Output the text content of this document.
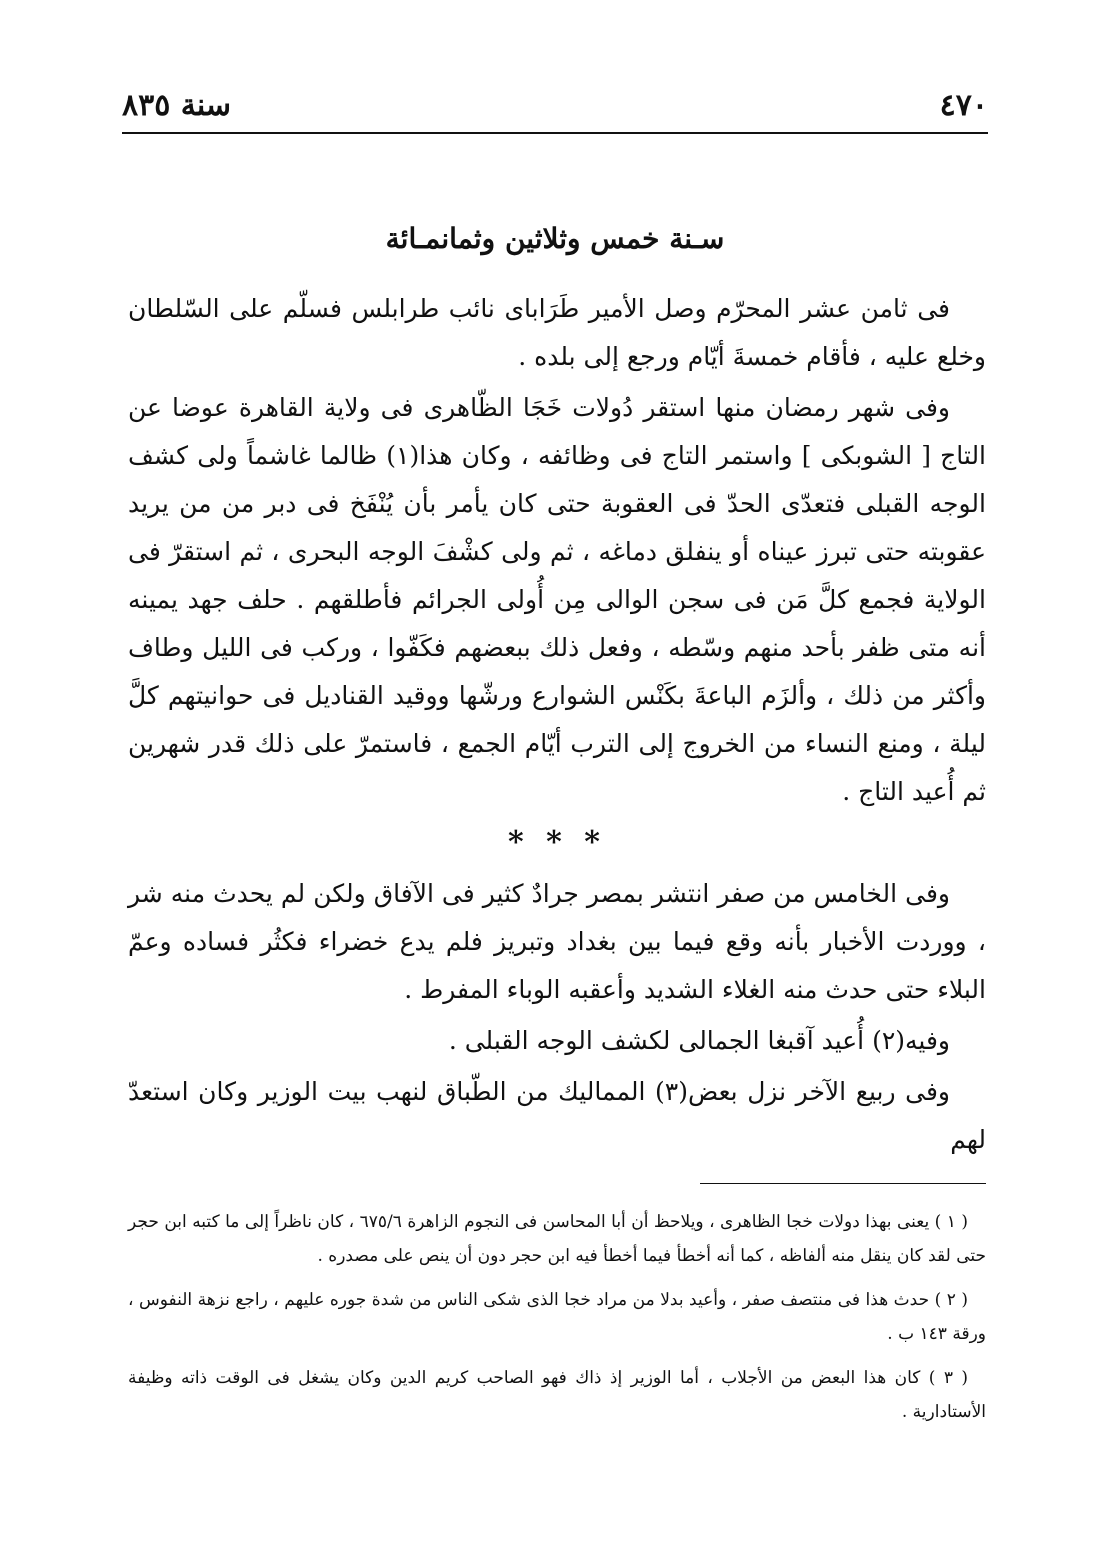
٤٧٠
سنة ٨٣٥
سـنة خمس وثلاثين وثمانمـائة

فى ثامن عشر المحرّم وصل الأمير طَرَاباى نائب طرابلس فسلّم على السّلطان وخلع عليه ، فأقام خمسةَ أيّام ورجع إلى بلده .

وفى شهر رمضان منها استقر دُولات خَجَا الظّاهرى فى ولاية القاهرة عوضا عن التاج [ الشوبكى ] واستمر التاج فى وظائفه ، وكان هذا(١) ظالما غاشماً ولى كشف الوجه القبلى فتعدّى الحدّ فى العقوبة حتى كان يأمر بأن يُنْفَخ فى دبر من من يريد عقوبته حتى تبرز عيناه أو ينفلق دماغه ، ثم ولى كشْفَ الوجه البحرى ، ثم استقرّ فى الولاية فجمع كلَّ مَن فى سجن الوالى مِن أُولى الجرائم فأطلقهم . حلف جهد يمينه أنه متى ظفر بأحد منهم وسّطه ، وفعل ذلك ببعضهم فكَفّوا ، وركب فى الليل وطاف وأكثر من ذلك ، وألزَم الباعةَ بكَنْس الشوارع ورشّها ووقيد القناديل فى حوانيتهم كلَّ ليلة ، ومنع النساء من الخروج إلى الترب أيّام الجمع ، فاستمرّ على ذلك قدر شهرين ثم أُعيد التاج .

* * *

وفى الخامس من صفر انتشر بمصر جرادٌ كثير فى الآفاق ولكن لم يحدث منه شر ، ووردت الأخبار بأنه وقع فيما بين بغداد وتبريز فلم يدع خضراء فكثُر فساده وعمّ البلاء حتى حدث منه الغلاء الشديد وأعقبه الوباء المفرط .

وفيه(٢) أُعيد آقبغا الجمالى لكشف الوجه القبلى .

وفى ربيع الآخر نزل بعض(٣) المماليك من الطّباق لنهب بيت الوزير وكان استعدّ لهم

( ١ ) يعنى بهذا دولات خجا الظاهرى ، ويلاحظ أن أبا المحاسن فى النجوم الزاهرة ٦٧٥/٦ ، كان ناظراً إلى ما كتبه ابن حجر حتى لقد كان ينقل منه ألفاظه ، كما أنه أخطأ فيما أخطأ فيه ابن حجر دون أن ينص على مصدره .

( ٢ ) حدث هذا فى منتصف صفر ، وأعيد بدلا من مراد خجا الذى شكى الناس من شدة جوره عليهم ، راجع نزهة النفوس ، ورقة ١٤٣ ب .

( ٣ ) كان هذا البعض من الأجلاب ، أما الوزير إذ ذاك فهو الصاحب كريم الدين وكان يشغل فى الوقت ذاته وظيفة الأستادارية .
